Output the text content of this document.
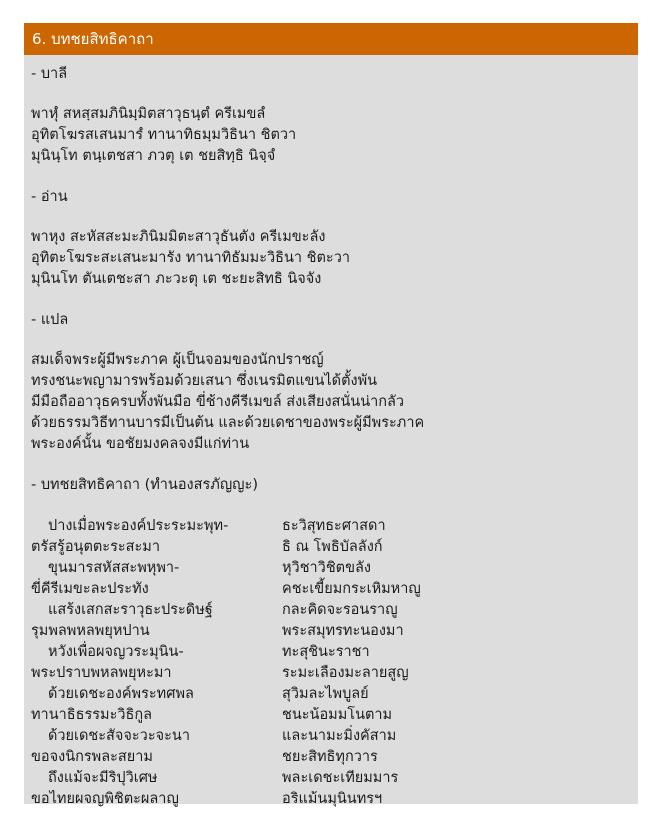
6. บทชยสิทธิคาถา
- บาลี
พาหุํ สหสฺสมภินิมฺมิตสาวุธนฺตํ ครีเมขลํ
อุทิตโฆรสเสนมารํ ทานาทิธมฺมวิธินา ชิตวา
มุนินฺโท ตนฺเตชสา ภวตุ เต ชยสิทฺธิ นิจฺจํ
- อ่าน
พาหุง สะหัสสะมะภินิมมิตะสาวุธันตัง ครีเมขะลัง
อุทิตะโฆระสะเสนะมารัง ทานาทิธัมมะวิธินา ชิตะวา
มุนินโท ตันเตชะสา ภะวะตุ เต ชะยะสิทธิ นิจจัง
- แปล
สมเด็จพระผู้มีพระภาค ผู้เป็นจอมของนักปราชญ์
ทรงชนะพญามารพร้อมด้วยเสนา ซึ่งเนรมิตแขนได้ตั้งพัน
มีมือถืออาวุธครบทั้งพันมือ ขี่ช้างคีรีเมขล์ ส่งเสียงสนั่นน่ากลัว
ด้วยธรรมวิธีทานบารมีเป็นต้น และด้วยเดชาของพระผู้มีพระภาค
พระองค์นั้น ขอชัยมงคลจงมีแก่ท่าน
- บทชยสิทธิคาถา (ทำนองสรภัญญะ)
ปางเมื่อพระองค์ประระมะพุท-
ตรัสรู้อนุตตะระสะมา
ขุนมารสหัสสะพหุพา-
ขี่คีรีเมขะละประทัง
แสร้งเสกสะราวุธะประดิษฐ์
รุมพลพหลพยุหปาน
หวังเพื่อผจญวระมุนิน-
พระปราบพหลพยุหะมา
ด้วยเดชะองค์พระทศพล
ทานาธิธรรมะวิธิกูล
ด้วยเดชะสัจจะวะจะนา
ขอจงนิกรพละสยาม
ถึงแม้จะมีริปุวิเศษ
ขอไทยผจญพิชิตะผลาญู
ธะวิสุทธะศาสดา
ธิ ณ โพธิบัลลังก์
หุวิชาวิชิตขลัง
คชะเขี้ยมกระเหิมหาญู
กละคิดจะรอนราญู
พระสมุทรทะนองมา
ทะสุชินะราชา
ระมะเลืองมะลายสูญ
สุวิมละไพบูลย์
ชนะน้อมมโนตาม
และนามะมิ่งคัสาม
ชยะสิทธิทุกวาร
พละเดชะเทียมมาร
อริแม้นมุนินทรฯ
